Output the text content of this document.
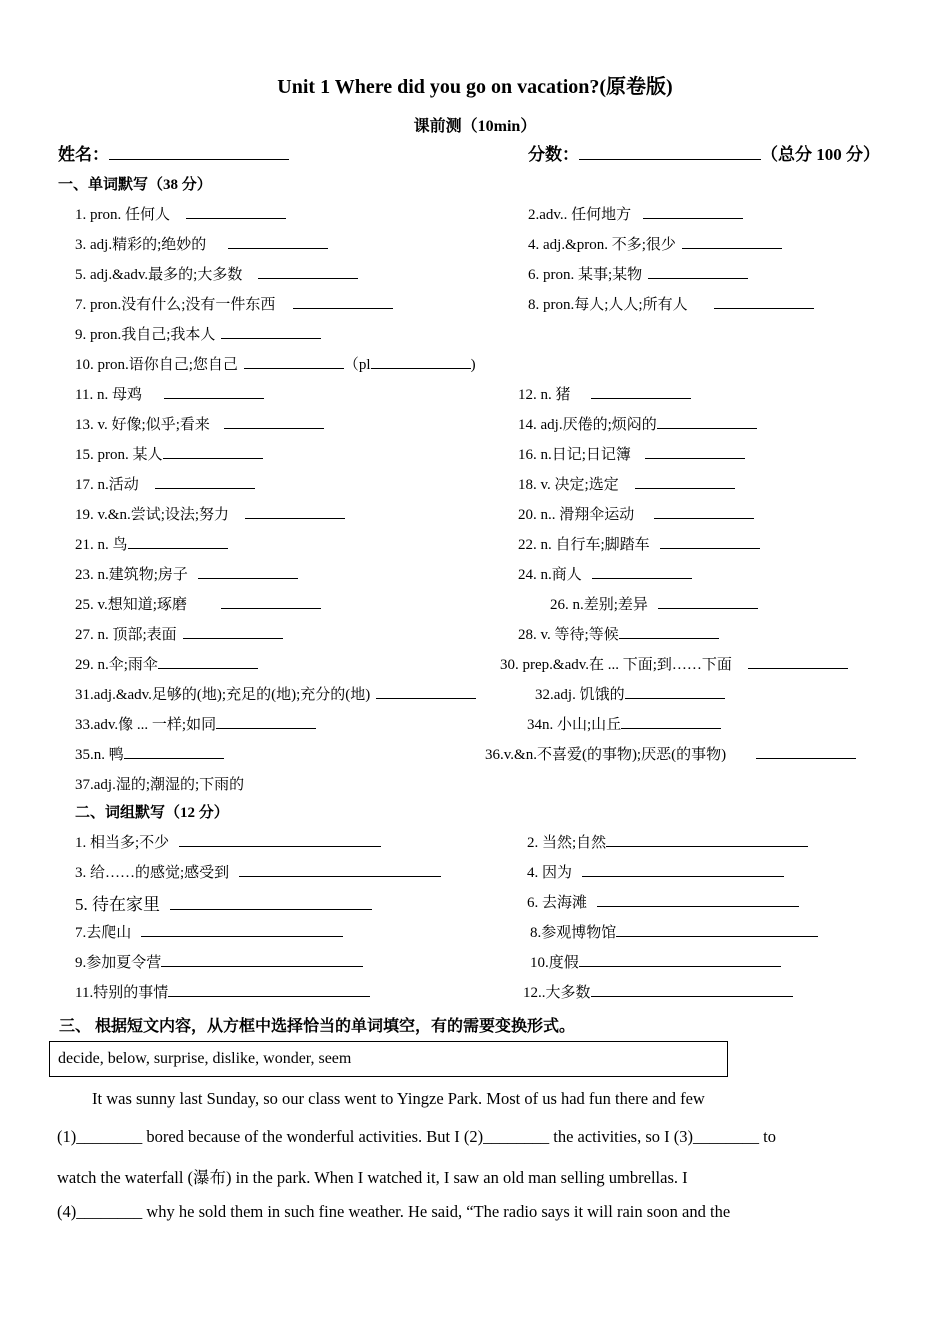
Unit 1 Where did you go on vacation?(原卷版)
课前测（10min）
姓名：	分数：	（总分 100 分）
一、单词默写（38 分）
1. pron. 任何人	2.adv.. 任何地方
3. adj.精彩的;绝妙的	4. adj.&pron. 不多;很少
5. adj.&adv.最多的;大多数	6. pron. 某事;某物
7. pron.没有什么;没有一件东西	8. pron.每人;人人;所有人
9. pron.我自己;我本人
10. pron.语你自己;您自己	（pl	)
11. n. 母鸡	12. n. 猪
13. v. 好像;似乎;看来	14. adj.厌倦的;烦闷的
15. pron. 某人	16. n.日记;日记簿
17. n.活动	18. v. 决定;选定
19. v.&n.尝试;设法;努力	20. n.. 滑翔伞运动
21. n. 鸟	22. n. 自行车;脚踏车
23. n.建筑物;房子	24. n.商人
25. v.想知道;琢磨	26. n.差别;差异
27. n. 顶部;表面	28. v. 等待;等候
29. n.伞;雨伞	30. prep.&adv.在 ... 下面;到……下面
31.adj.&adv.足够的(地);充足的(地);充分的(地)	32.adj. 饥饿的
33.adv.像 ... 一样;如同	34n. 小山;山丘
35.n. 鸭	36.v.&n.不喜爱(的事物);厌恶(的事物)
37.adj.湿的;潮湿的;下雨的
二、词组默写（12 分）
1. 相当多;不少	2. 当然;自然
3. 给……的感觉;感受到	4. 因为
5. 待在家里	6. 去海滩
7.去爬山	8.参观博物馆
9.参加夏令营	10.度假
11.特别的事情	12..大多数
三、 根据短文内容，从方框中选择恰当的单词填空，有的需要变换形式。
decide, below, surprise, dislike, wonder, seem
It was sunny last Sunday, so our class went to Yingze Park. Most of us had fun there and few
(1)________ bored because of the wonderful activities. But I (2)________ the activities, so I (3)________ to
watch the waterfall (瀑布) in the park. When I watched it, I saw an old man selling umbrellas. I
(4)________ why he sold them in such fine weather. He said, “The radio says it will rain soon and the
